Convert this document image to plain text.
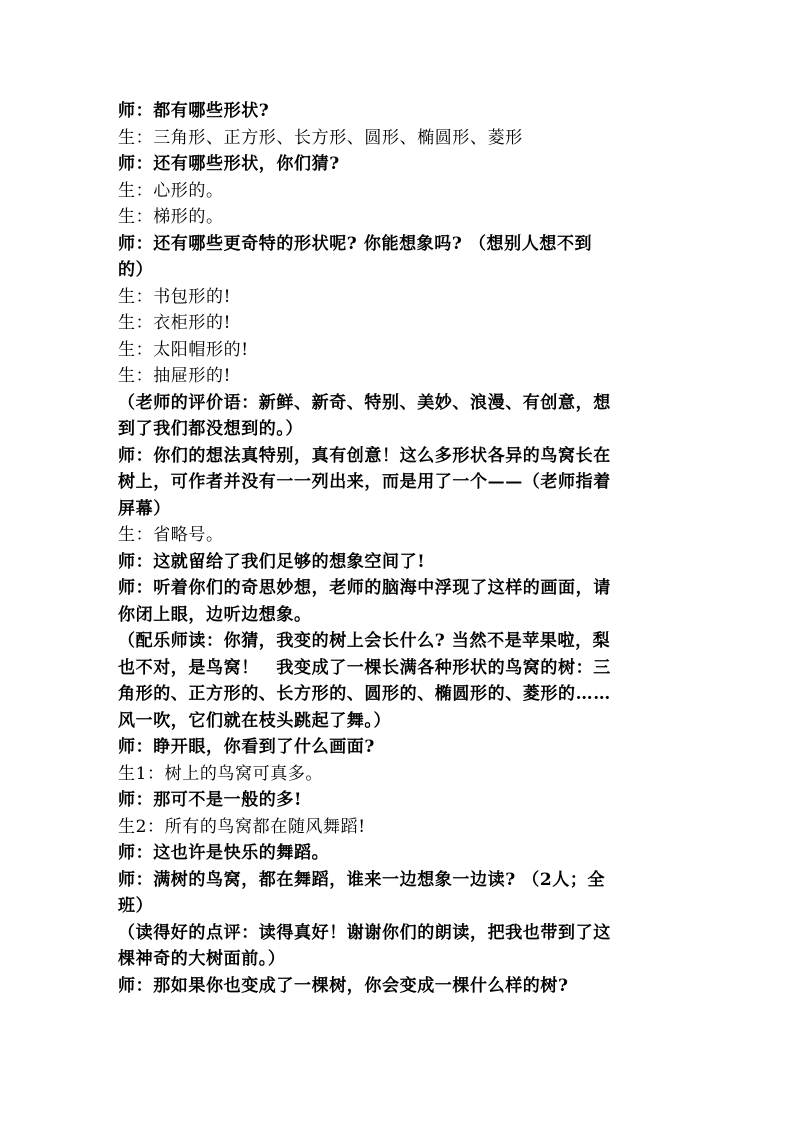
师：都有哪些形状?
生：三角形、正方形、长方形、圆形、椭圆形、菱形
师：还有哪些形状，你们猜?
生：心形的。
生：梯形的。
师：还有哪些更奇特的形状呢? 你能想象吗? （想别人想不到
的）
生：书包形的!
生：衣柜形的!
生：太阳帽形的!
生：抽屉形的!
（老师的评价语：新鲜、新奇、特别、美妙、浪漫、有创意，想
到了我们都没想到的。）
师：你们的想法真特别，真有创意！这么多形状各异的鸟窝长在
树上，可作者并没有一一列出来，而是用了一个——（老师指着
屏幕）
生：省略号。
师：这就留给了我们足够的想象空间了!
师：听着你们的奇思妙想，老师的脑海中浮现了这样的画面，请
你闭上眼，边听边想象。
（配乐师读：你猜，我变的树上会长什么? 当然不是苹果啦，梨
也不对，是鸟窝！　我变成了一棵长满各种形状的鸟窝的树：三
角形的、正方形的、长方形的、圆形的、椭圆形的、菱形的……
风一吹，它们就在枝头跳起了舞。）
师：睁开眼，你看到了什么画面?
生1：树上的鸟窝可真多。
师：那可不是一般的多!
生2：所有的鸟窝都在随风舞蹈!
师：这也许是快乐的舞蹈。
师：满树的鸟窝，都在舞蹈，谁来一边想象一边读? （2人；全
班）
（读得好的点评：读得真好！谢谢你们的朗读，把我也带到了这
棵神奇的大树面前。）
师：那如果你也变成了一棵树，你会变成一棵什么样的树?
